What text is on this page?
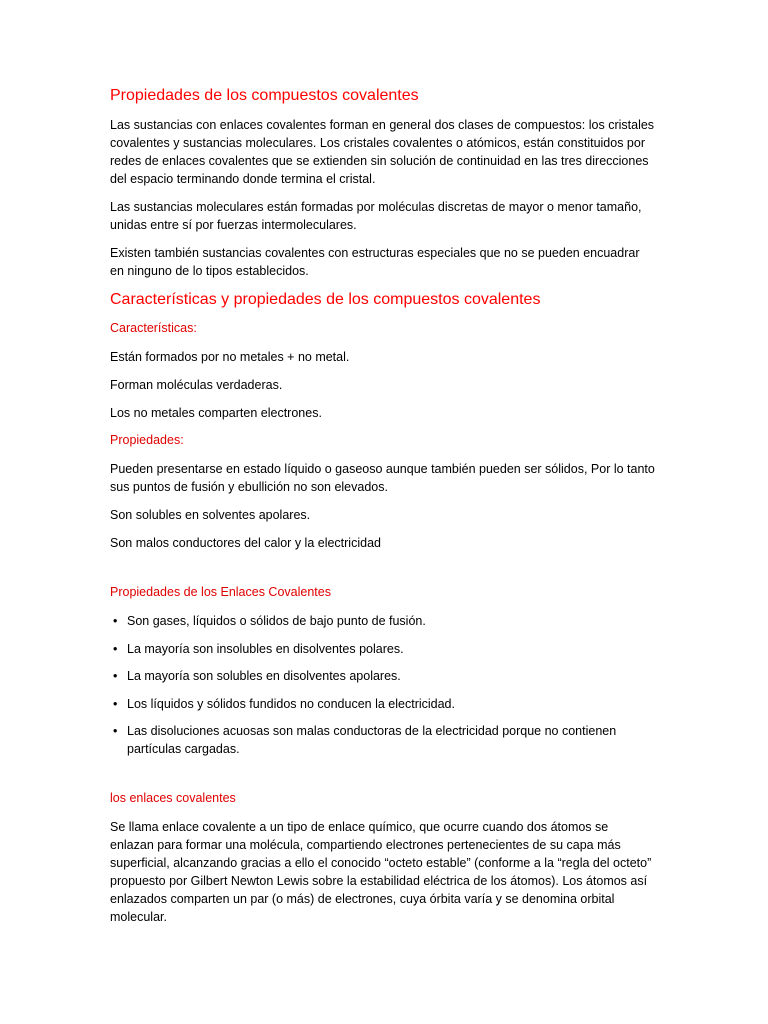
Propiedades de los compuestos covalentes

Las sustancias con enlaces covalentes forman en general dos clases de compuestos: los cristales covalentes y sustancias moleculares. Los cristales covalentes o atómicos, están constituidos por redes de enlaces covalentes que se extienden sin solución de continuidad en las tres direcciones del espacio terminando donde termina el cristal.

Las sustancias moleculares están formadas por moléculas discretas de mayor o menor tamaño, unidas entre sí por fuerzas intermoleculares.

Existen también sustancias covalentes con estructuras especiales que no se pueden encuadrar en ninguno de lo tipos establecidos.

Características y propiedades de los compuestos covalentes
Características:

Están formados por no metales + no metal.

Forman moléculas verdaderas.

Los no metales comparten electrones.

Propiedades:

Pueden presentarse en estado líquido o gaseoso aunque también pueden ser sólidos, Por lo tanto sus puntos de fusión y ebullición no son elevados.

Son solubles en solventes apolares.

Son malos conductores del calor y la electricidad

Propiedades de los Enlaces Covalentes
• Son gases, líquidos o sólidos de bajo punto de fusión.
• La mayoría son insolubles en disolventes polares.
• La mayoría son solubles en disolventes apolares.
• Los líquidos y sólidos fundidos no conducen la electricidad.
• Las disoluciones acuosas son malas conductoras de la electricidad porque no contienen partículas cargadas.
los enlaces covalentes

Se llama enlace covalente a un tipo de enlace químico, que ocurre cuando dos átomos se enlazan para formar una molécula, compartiendo electrones pertenecientes de su capa más superficial, alcanzando gracias a ello el conocido “octeto estable” (conforme a la “regla del octeto” propuesto por Gilbert Newton Lewis sobre la estabilidad eléctrica de los átomos). Los átomos así enlazados comparten un par (o más) de electrones, cuya órbita varía y se denomina orbital molecular.
